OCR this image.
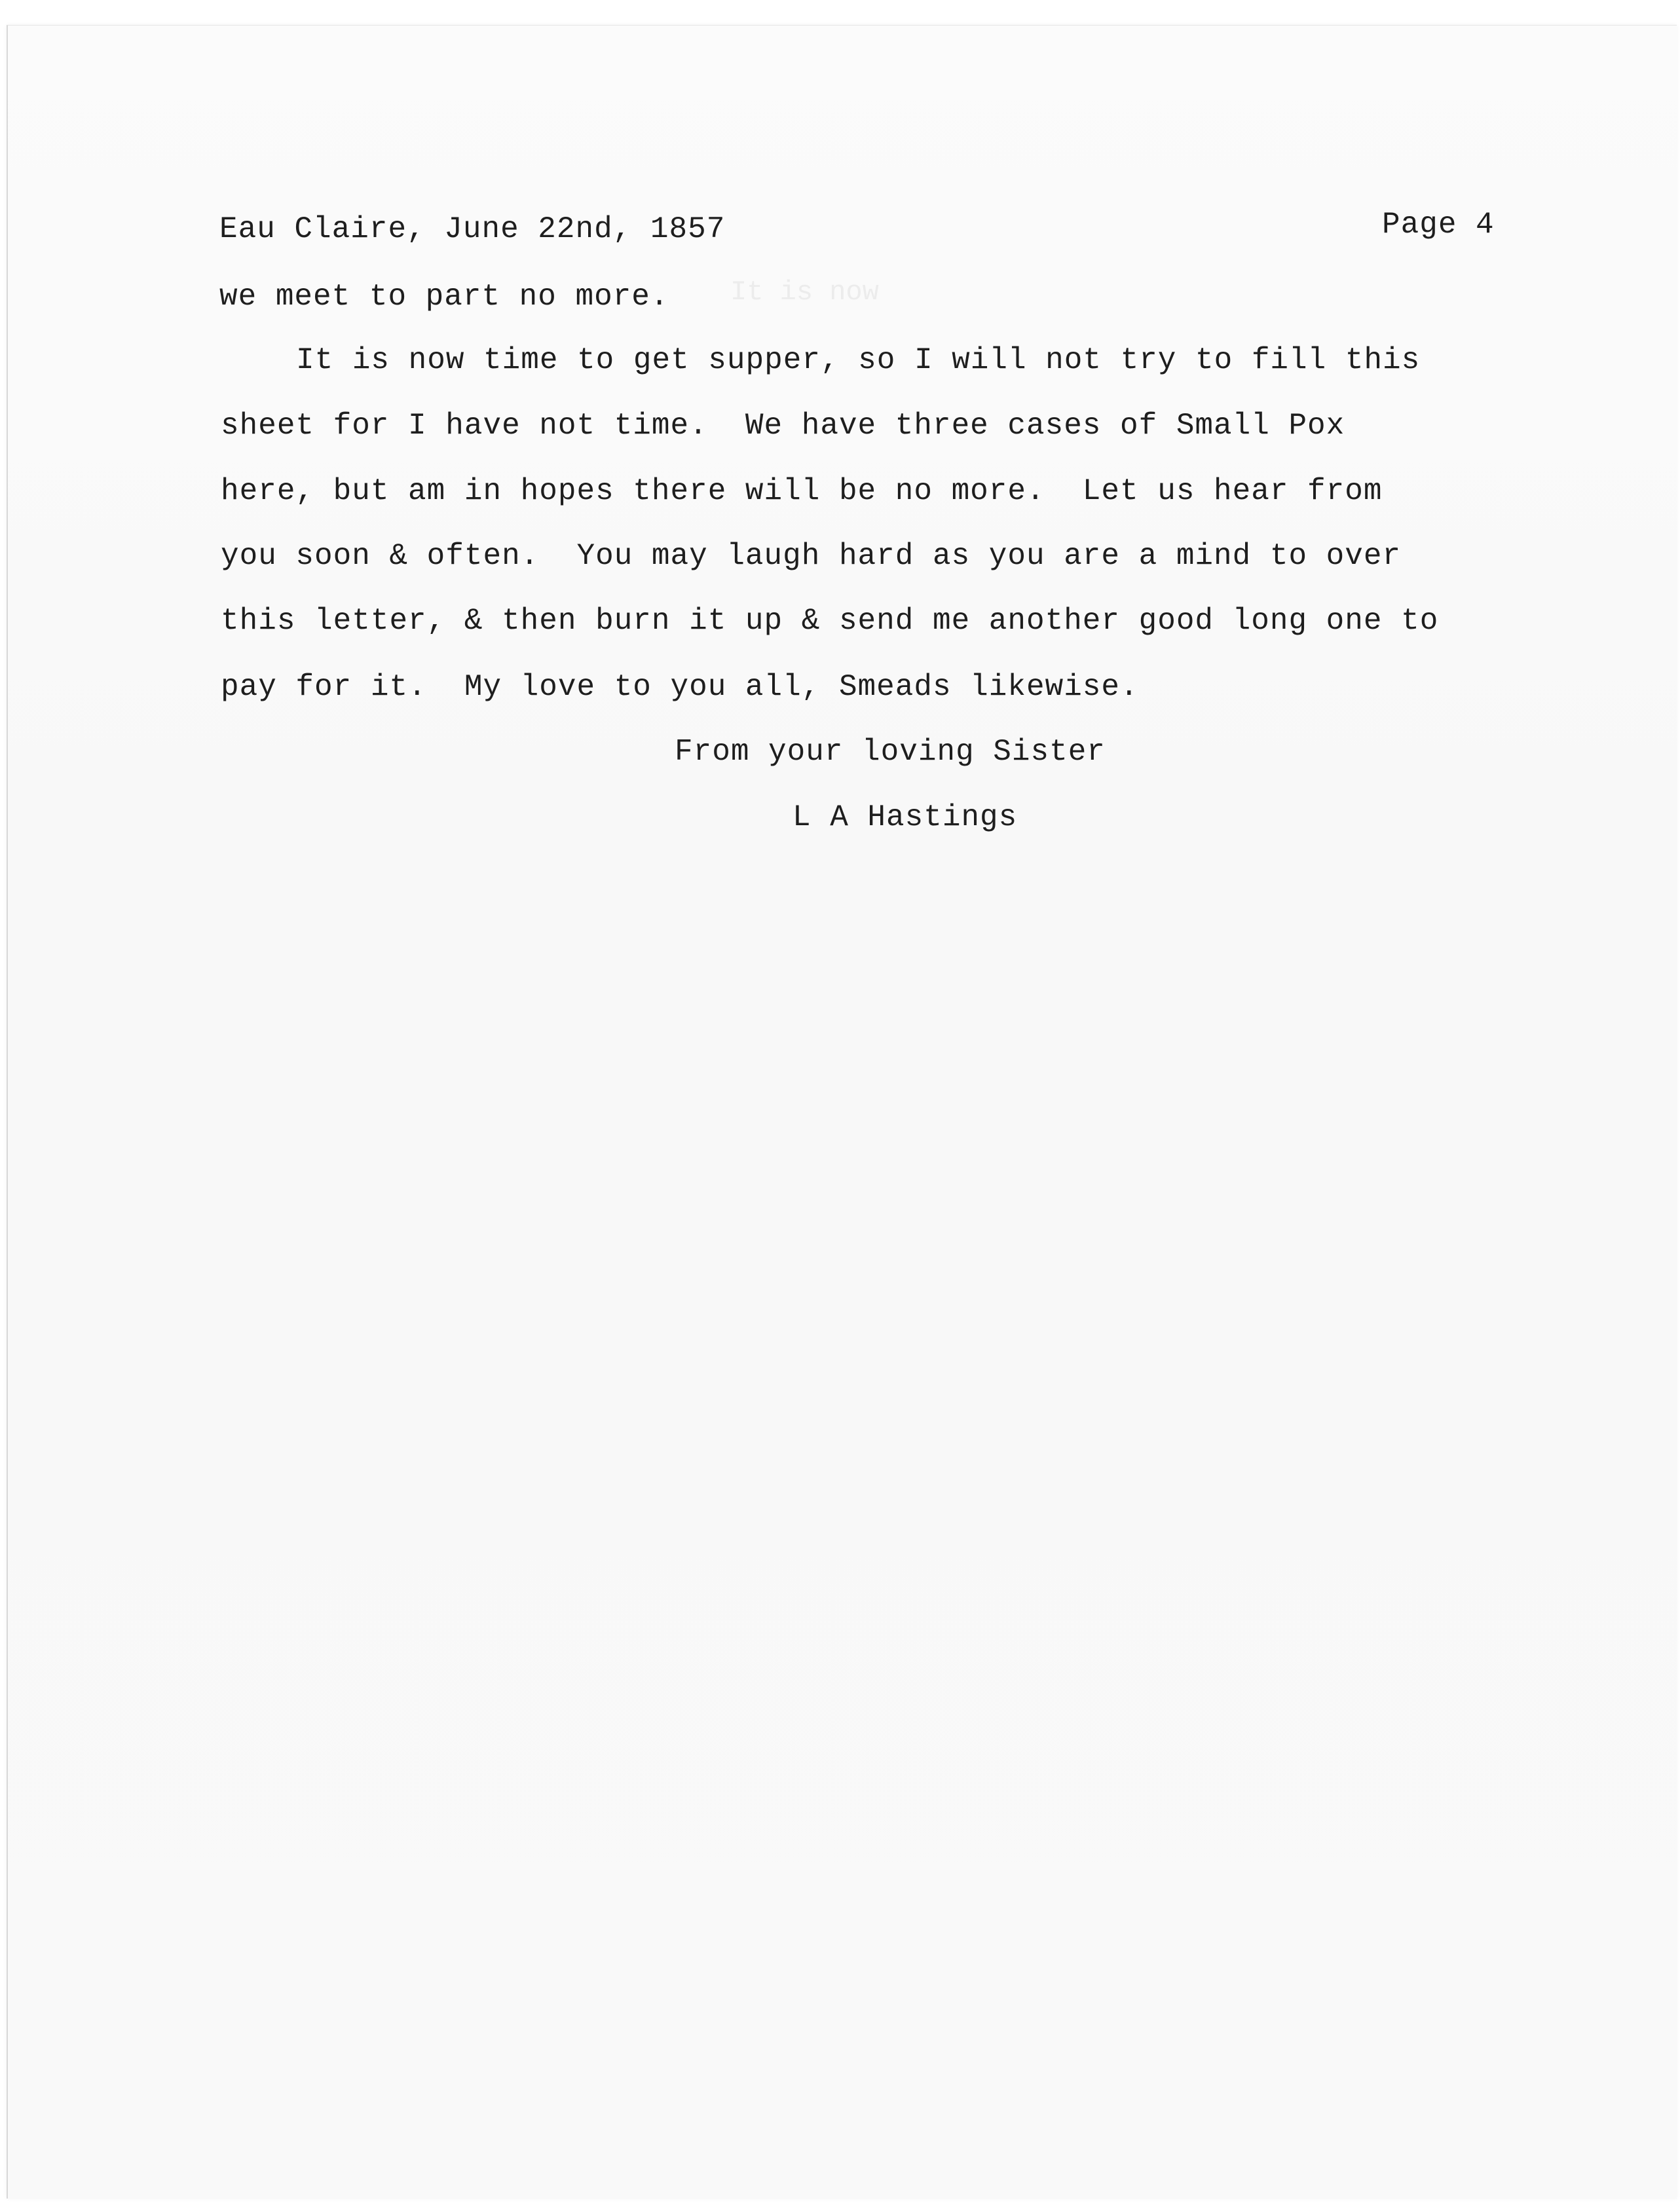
It is now
Eau Claire, June 22nd, 1857	Page 4
we meet to part no more.
It is now time to get supper, so I will not try to fill this
sheet for I have not time.  We have three cases of Small Pox
here, but am in hopes there will be no more.  Let us hear from
you soon & often.  You may laugh hard as you are a mind to over
this letter, & then burn it up & send me another good long one to
pay for it.  My love to you all, Smeads likewise.
From your loving Sister
L A Hastings
